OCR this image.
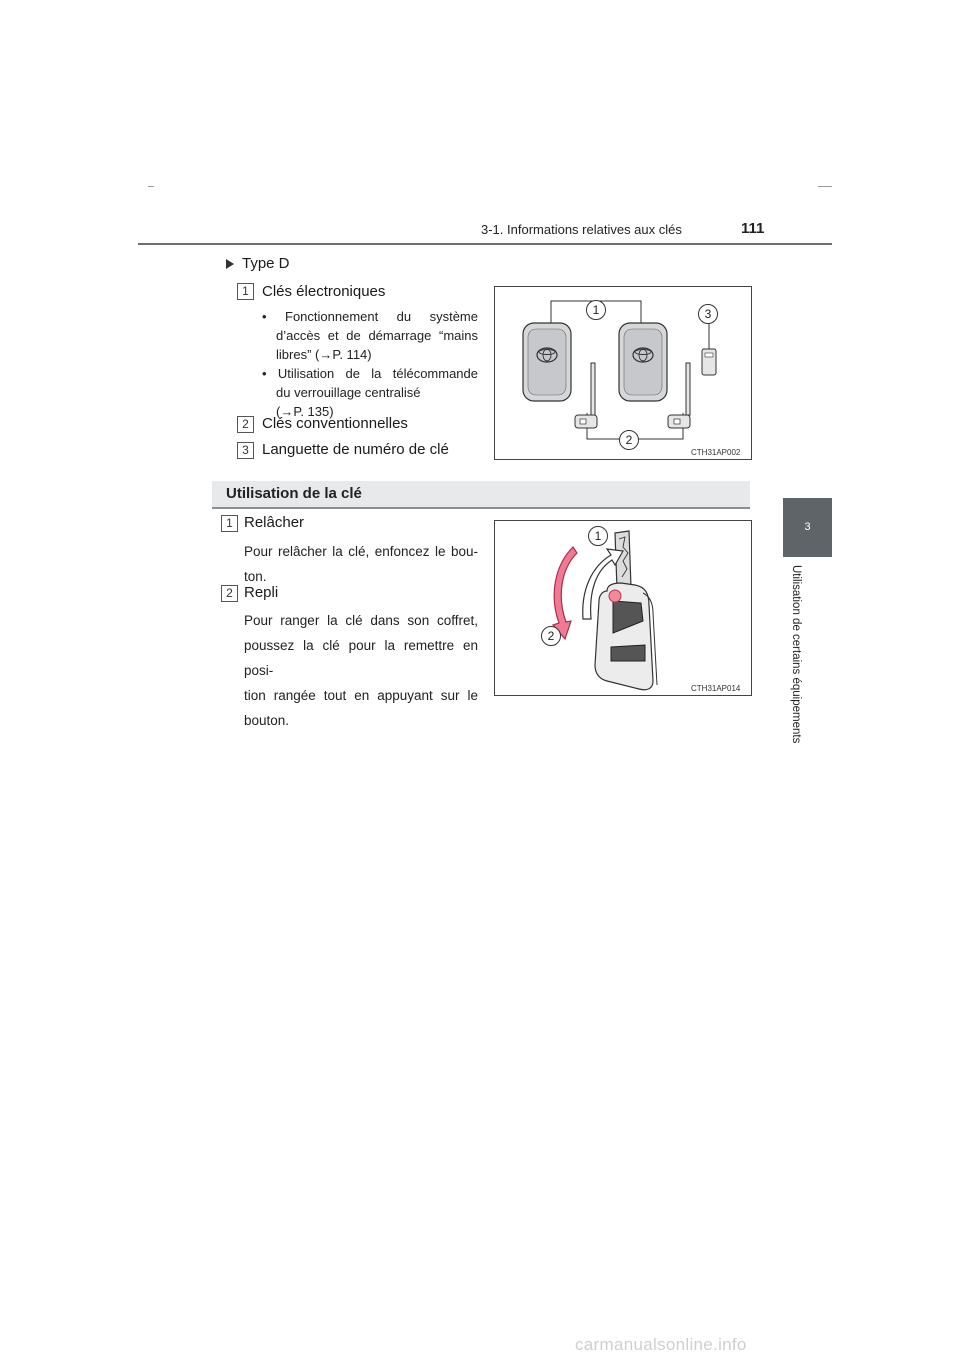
3-1. Informations relatives aux clés	111
3
Utilisation de certains équipements
Type D
1 Clés électroniques
• Fonctionnement du système
d’accès et de démarrage “mains
libres” (→P. 114)
• Utilisation de la télécommande
du verrouillage centralisé
(→P. 135)
2 Clés conventionnelles
3 Languette de numéro de clé
1
2
3
CTH31AP002
Utilisation de la clé
1 Relâcher
Pour relâcher la clé, enfoncez le bou-
ton.
2 Repli
Pour ranger la clé dans son coffret,
poussez la clé pour la remettre en posi-
tion rangée tout en appuyant sur le
bouton.
1
2
CTH31AP014
carmanualsonline.info
